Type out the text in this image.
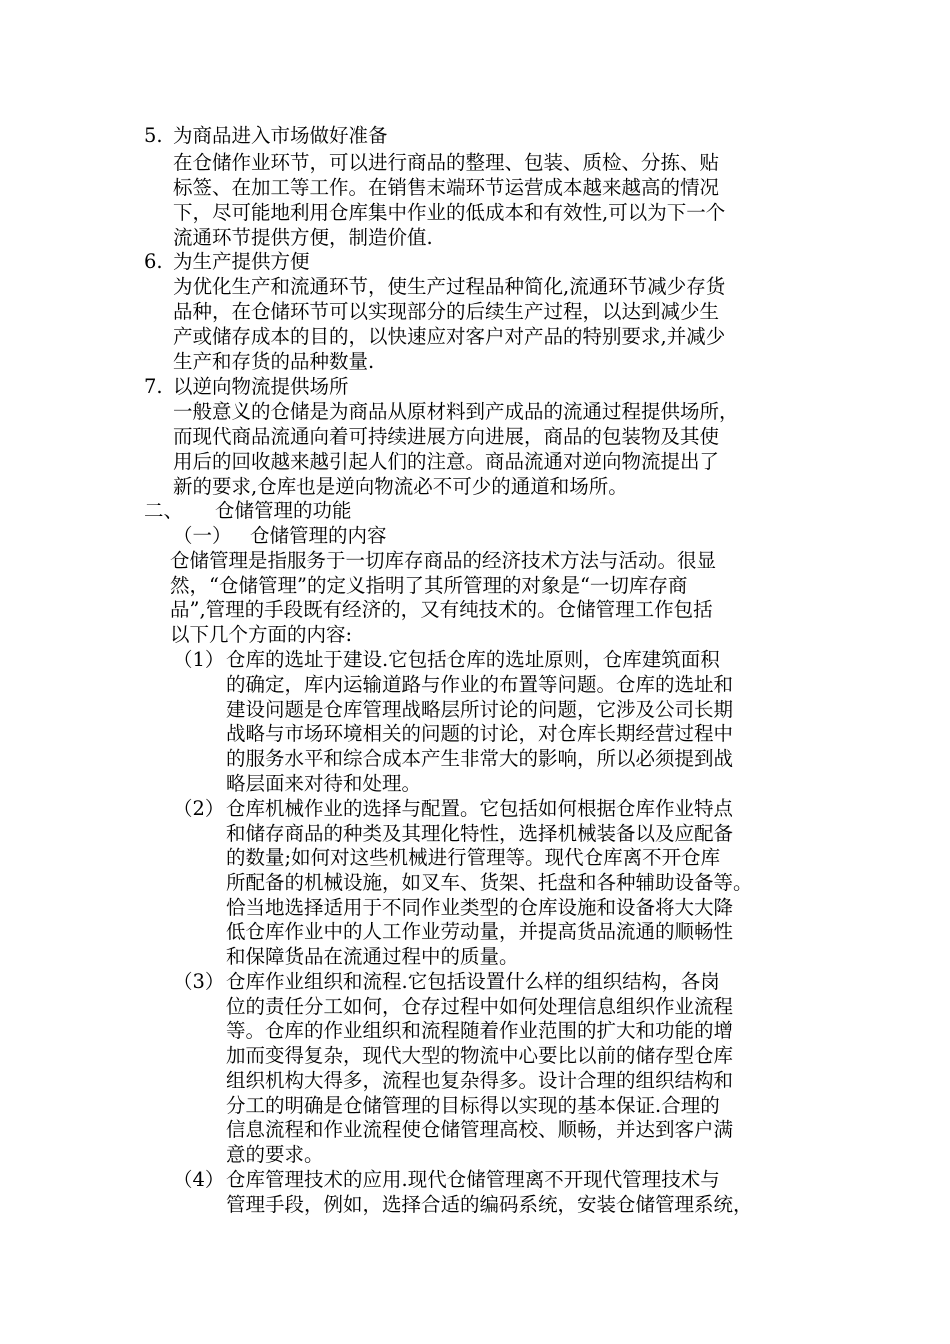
5. 为商品进入市场做好准备
在仓储作业环节，可以进行商品的整理、包装、质检、分拣、贴
标签、在加工等工作。在销售末端环节运营成本越来越高的情况
下，尽可能地利用仓库集中作业的低成本和有效性,可以为下一个
流通环节提供方便，制造价值.
6. 为生产提供方便
为优化生产和流通环节，使生产过程品种简化,流通环节减少存货
品种，在仓储环节可以实现部分的后续生产过程，以达到减少生
产或储存成本的目的，以快速应对客户对产品的特别要求,并减少
生产和存货的品种数量.
7. 以逆向物流提供场所
一般意义的仓储是为商品从原材料到产成品的流通过程提供场所，
而现代商品流通向着可持续进展方向进展，商品的包装物及其使
用后的回收越来越引起人们的注意。商品流通对逆向物流提出了
新的要求,仓库也是逆向物流必不可少的通道和场所。
二、 仓储管理的功能
（一） 仓储管理的内容
仓储管理是指服务于一切库存商品的经济技术方法与活动。很显
然，“仓储管理”的定义指明了其所管理的对象是“一切库存商
品”,管理的手段既有经济的，又有纯技术的。仓储管理工作包括
以下几个方面的内容:
（1） 仓库的选址于建设.它包括仓库的选址原则，仓库建筑面积
的确定，库内运输道路与作业的布置等问题。仓库的选址和
建设问题是仓库管理战略层所讨论的问题，它涉及公司长期
战略与市场环境相关的问题的讨论，对仓库长期经营过程中
的服务水平和综合成本产生非常大的影响，所以必须提到战
略层面来对待和处理。
（2） 仓库机械作业的选择与配置。它包括如何根据仓库作业特点
和储存商品的种类及其理化特性，选择机械装备以及应配备
的数量;如何对这些机械进行管理等。现代仓库离不开仓库
所配备的机械设施，如叉车、货架、托盘和各种辅助设备等。
恰当地选择适用于不同作业类型的仓库设施和设备将大大降
低仓库作业中的人工作业劳动量，并提高货品流通的顺畅性
和保障货品在流通过程中的质量。
（3） 仓库作业组织和流程.它包括设置什么样的组织结构，各岗
位的责任分工如何，仓存过程中如何处理信息组织作业流程
等。仓库的作业组织和流程随着作业范围的扩大和功能的增
加而变得复杂，现代大型的物流中心要比以前的储存型仓库
组织机构大得多，流程也复杂得多。设计合理的组织结构和
分工的明确是仓储管理的目标得以实现的基本保证.合理的
信息流程和作业流程使仓储管理高校、顺畅，并达到客户满
意的要求。
（4） 仓库管理技术的应用.现代仓储管理离不开现代管理技术与
管理手段，例如，选择合适的编码系统，安装仓储管理系统，
